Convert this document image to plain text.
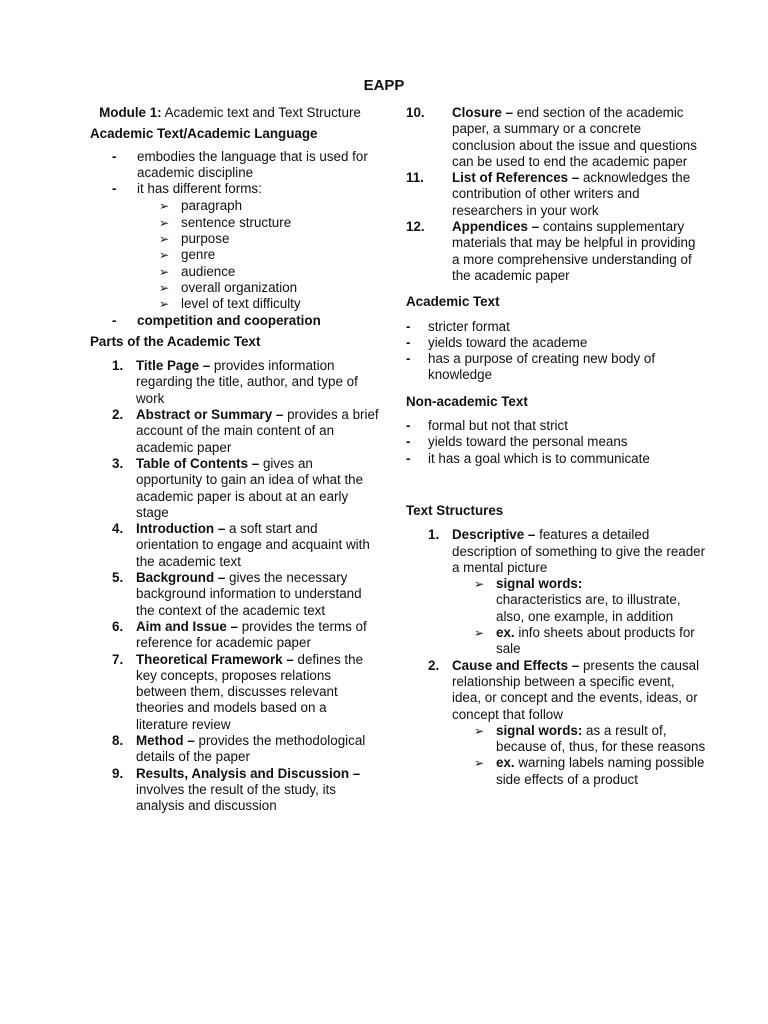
EAPP

Module 1: Academic text and Text Structure

Academic Text/Academic Language

- embodies the language that is used for academic discipline
- it has different forms:
➢ paragraph
➢ sentence structure
➢ purpose
➢ genre
➢ audience
➢ overall organization
➢ level of text difficulty
- competition and cooperation

Parts of the Academic Text

1. Title Page – provides information regarding the title, author, and type of work
2. Abstract or Summary – provides a brief account of the main content of an academic paper
3. Table of Contents – gives an opportunity to gain an idea of what the academic paper is about at an early stage
4. Introduction – a soft start and orientation to engage and acquaint with the academic text
5. Background – gives the necessary background information to understand the context of the academic text
6. Aim and Issue – provides the terms of reference for academic paper
7. Theoretical Framework – defines the key concepts, proposes relations between them, discusses relevant theories and models based on a literature review
8. Method – provides the methodological details of the paper
9. Results, Analysis and Discussion – involves the result of the study, its analysis and discussion
10. Closure – end section of the academic paper, a summary or a concrete conclusion about the issue and questions can be used to end the academic paper
11. List of References – acknowledges the contribution of other writers and researchers in your work
12. Appendices – contains supplementary materials that may be helpful in providing a more comprehensive understanding of the academic paper

Academic Text

- stricter format
- yields toward the academe
- has a purpose of creating new body of knowledge

Non-academic Text

- formal but not that strict
- yields toward the personal means
- it has a goal which is to communicate

Text Structures

1. Descriptive – features a detailed description of something to give the reader a mental picture
➢ signal words:
characteristics are, to illustrate, also, one example, in addition
➢ ex. info sheets about products for sale
2. Cause and Effects – presents the causal relationship between a specific event, idea, or concept and the events, ideas, or concept that follow
➢ signal words: as a result of, because of, thus, for these reasons
➢ ex. warning labels naming possible side effects of a product
